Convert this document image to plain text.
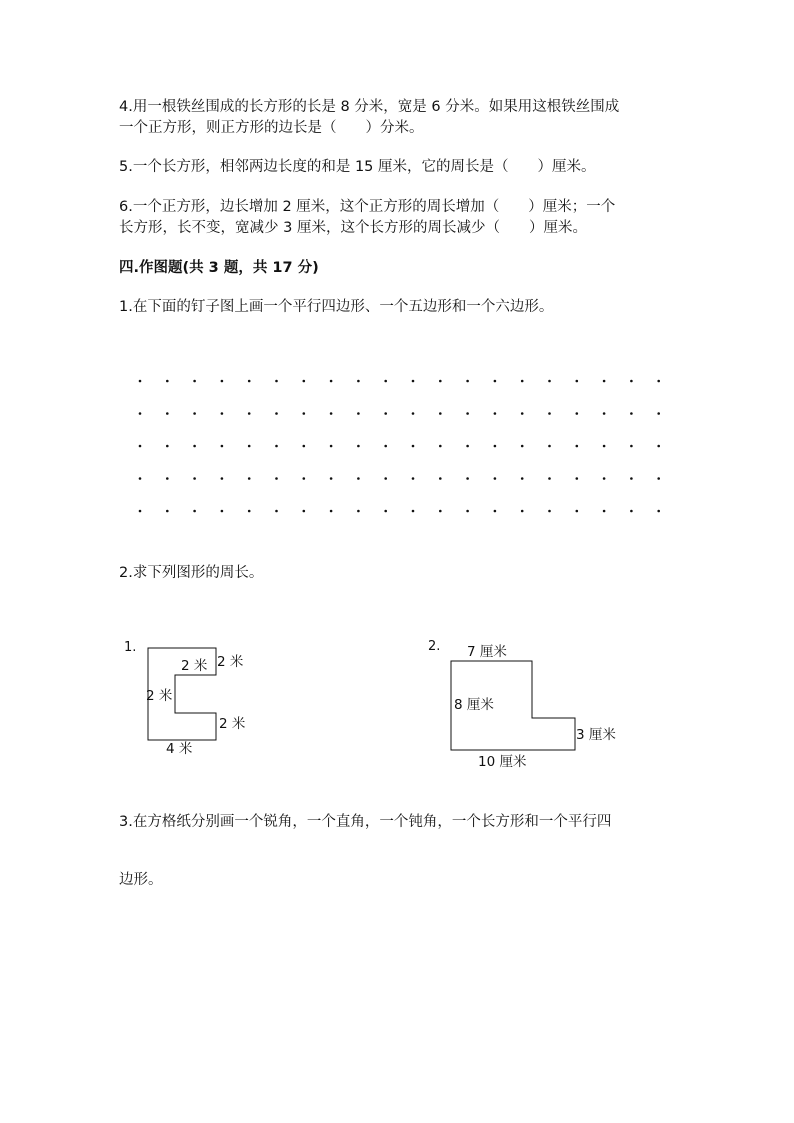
4.用一根铁丝围成的长方形的长是 8 分米，宽是 6 分米。如果用这根铁丝围成
一个正方形，则正方形的边长是（　　）分米。
5.一个长方形，相邻两边长度的和是 15 厘米，它的周长是（　　）厘米。
6.一个正方形，边长增加 2 厘米，这个正方形的周长增加（　　）厘米；一个
长方形，长不变，宽减少 3 厘米，这个长方形的周长减少（　　）厘米。
四.作图题(共 3 题，共 17 分)
1.在下面的钉子图上画一个平行四边形、一个五边形和一个六边形。
2.求下列图形的周长。
1.
2 米
2 米
2 米
2 米
4 米
2. 7 厘米
8 厘米
3 厘米
10 厘米
3.在方格纸分别画一个锐角，一个直角，一个钝角，一个长方形和一个平行四
边形。
